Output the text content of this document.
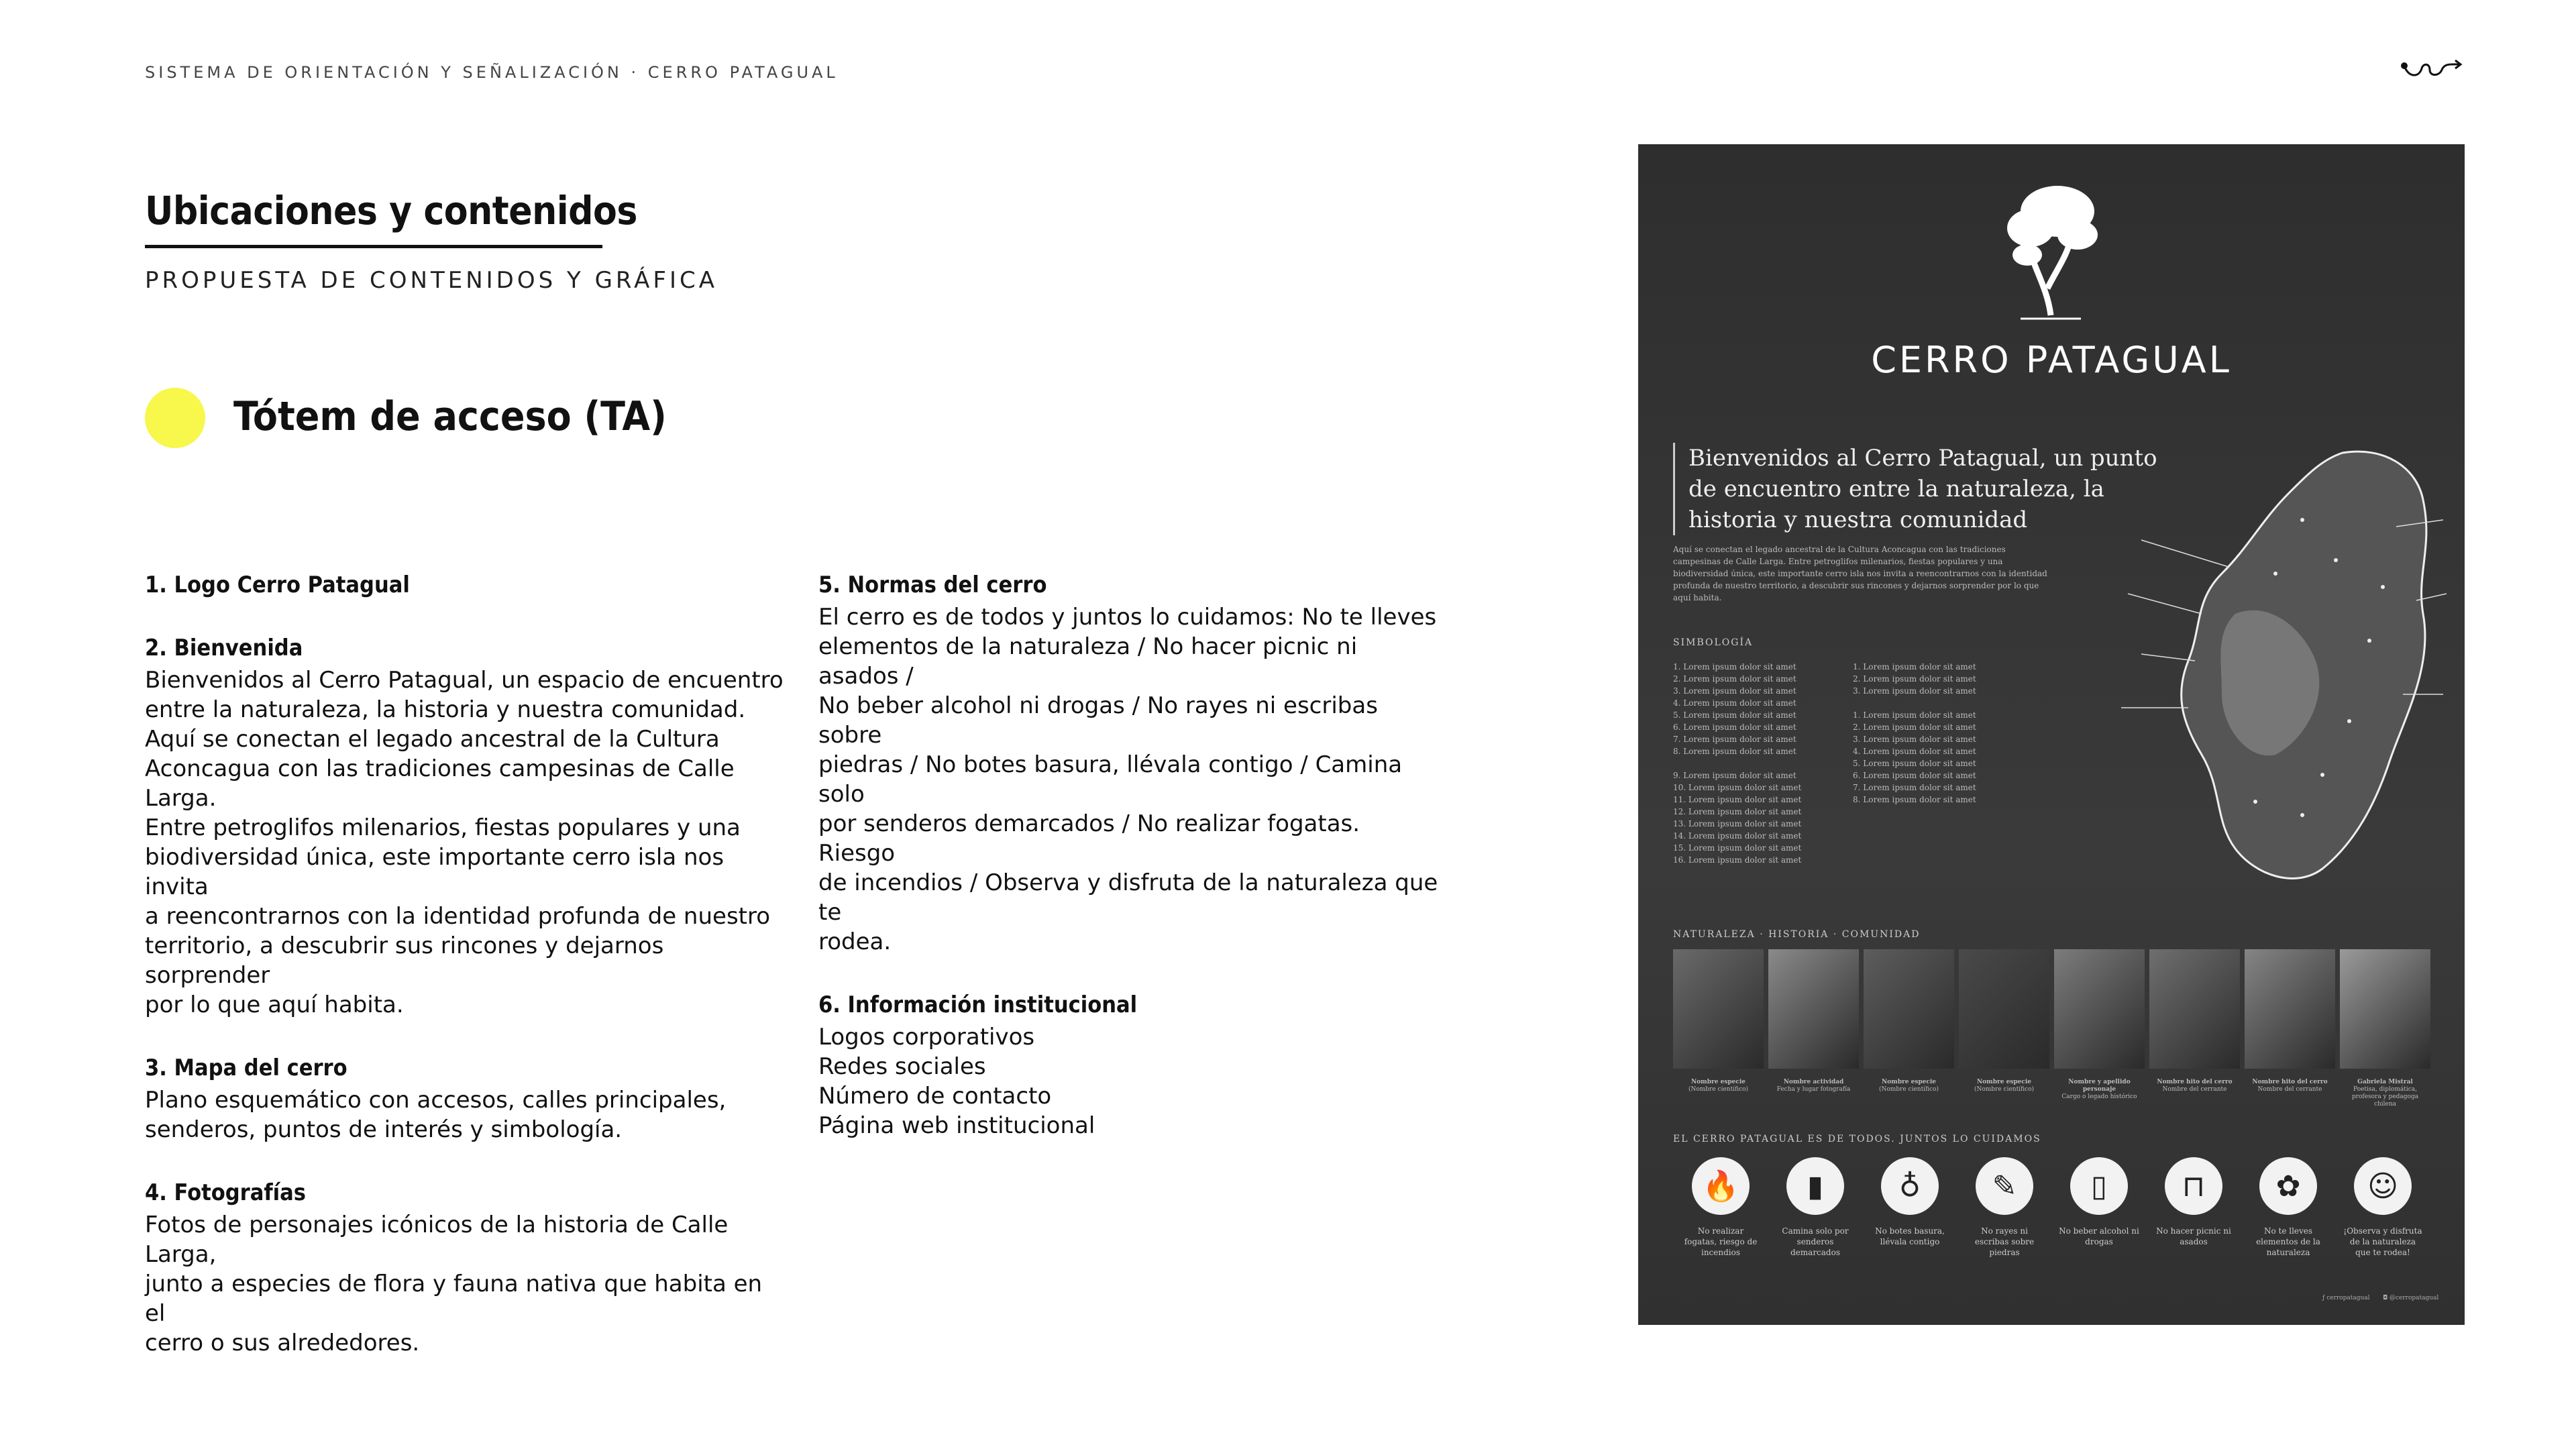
SISTEMA DE ORIENTACIÓN Y SEÑALIZACIÓN · CERRO PATAGUAL
Ubicaciones y contenidos
PROPUESTA DE CONTENIDOS Y GRÁFICA
Tótem de acceso (TA)
1. Logo Cerro Patagual
2. Bienvenida

Bienvenidos al Cerro Patagual, un espacio de encuentro
entre la naturaleza, la historia y nuestra comunidad.
Aquí se conectan el legado ancestral de la Cultura
Aconcagua con las tradiciones campesinas de Calle Larga.
Entre petroglifos milenarios, fiestas populares y una
biodiversidad única, este importante cerro isla nos invita
a reencontrarnos con la identidad profunda de nuestro
territorio, a descubrir sus rincones y dejarnos sorprender
por lo que aquí habita.

3. Mapa del cerro

Plano esquemático con accesos, calles principales,
senderos, puntos de interés y simbología.

4. Fotografías

Fotos de personajes icónicos de la historia de Calle Larga,
junto a especies de flora y fauna nativa que habita en el
cerro o sus alrededores.

5. Normas del cerro

El cerro es de todos y juntos lo cuidamos: No te lleves
elementos de la naturaleza / No hacer picnic ni asados /
No beber alcohol ni drogas / No rayes ni escribas sobre
piedras / No botes basura, llévala contigo / Camina solo
por senderos demarcados / No realizar fogatas. Riesgo
de incendios / Observa y disfruta de la naturaleza que te
rodea.

6. Información institucional

Logos corporativos
Redes sociales
Número de contacto
Página web institucional

CERRO PATAGUAL
Bienvenidos al Cerro Patagual, un punto de encuentro entre la naturaleza, la historia y nuestra comunidad
Aquí se conectan el legado ancestral de la Cultura Aconcagua con las tradiciones campesinas de Calle Larga. Entre petroglifos milenarios, fiestas populares y una biodiversidad única, este importante cerro isla nos invita a reencontrarnos con la identidad profunda de nuestro territorio, a descubrir sus rincones y dejarnos sorprender por lo que aquí habita.
SIMBOLOGÍA
1. Lorem ipsum dolor sit amet
2. Lorem ipsum dolor sit amet
3. Lorem ipsum dolor sit amet
4. Lorem ipsum dolor sit amet
5. Lorem ipsum dolor sit amet
6. Lorem ipsum dolor sit amet
7. Lorem ipsum dolor sit amet
8. Lorem ipsum dolor sit amet
9. Lorem ipsum dolor sit amet
10. Lorem ipsum dolor sit amet
11. Lorem ipsum dolor sit amet
12. Lorem ipsum dolor sit amet
13. Lorem ipsum dolor sit amet
14. Lorem ipsum dolor sit amet
15. Lorem ipsum dolor sit amet
16. Lorem ipsum dolor sit amet
1. Lorem ipsum dolor sit amet
2. Lorem ipsum dolor sit amet
3. Lorem ipsum dolor sit amet
1. Lorem ipsum dolor sit amet
2. Lorem ipsum dolor sit amet
3. Lorem ipsum dolor sit amet
4. Lorem ipsum dolor sit amet
5. Lorem ipsum dolor sit amet
6. Lorem ipsum dolor sit amet
7. Lorem ipsum dolor sit amet
8. Lorem ipsum dolor sit amet
NATURALEZA · HISTORIA · COMUNIDAD
Nombre especie
(Nombre científico)
Nombre actividad
Fecha y lugar fotografía
Nombre especie
(Nombre científico)
Nombre especie
(Nombre científico)
Nombre y apellido personaje
Cargo o legado histórico
Nombre hito del cerro
Nombre del cerrante
Nombre hito del cerro
Nombre del cerrante
Gabriela Mistral
Poetisa, diplomática, profesora y pedagoga chilena
EL CERRO PATAGUAL ES DE TODOS. JUNTOS LO CUIDAMOS
🔥
No realizar fogatas, riesgo de incendios
▮
Camina solo por senderos demarcados
♁
No botes basura, llévala contigo
✎
No rayes ni escribas sobre piedras
▯
No beber alcohol ni drogas
⊓
No hacer picnic ni asados
✿
No te lleves elementos de la naturaleza
☺
¡Observa y disfruta de la naturaleza que te rodea!
ƒ cerropatagual ◘ @cerropatagual
